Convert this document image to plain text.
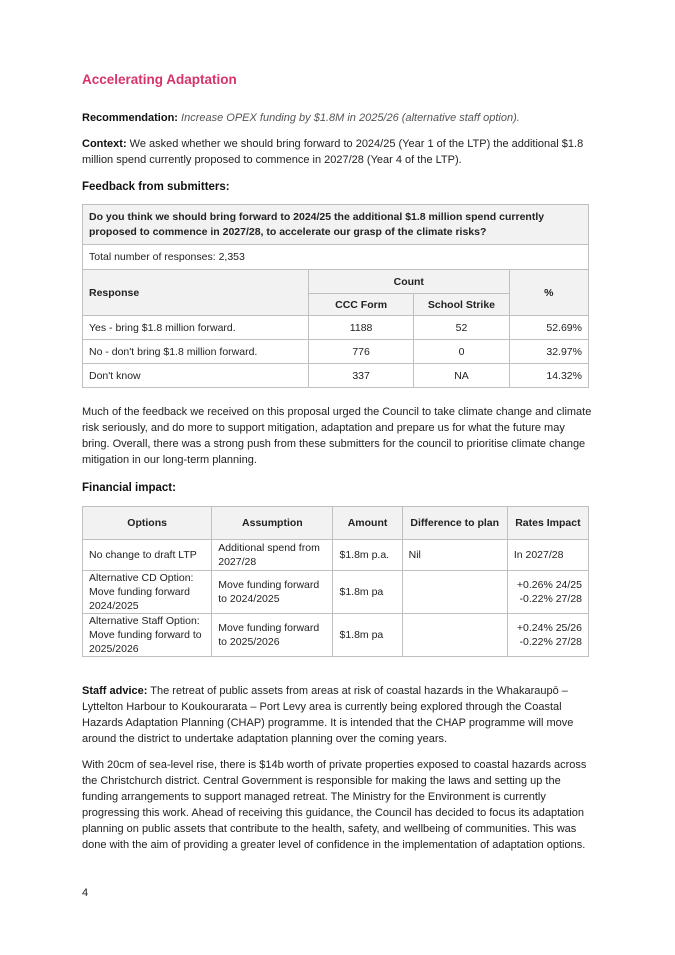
Accelerating Adaptation

Recommendation: Increase OPEX funding by $1.8M in 2025/26 (alternative staff option).

Context: We asked whether we should bring forward to 2024/25 (Year 1 of the LTP) the additional $1.8 million spend currently proposed to commence in 2027/28 (Year 4 of the LTP).

Feedback from submitters:

Do you think we should bring forward to 2024/25 the additional $1.8 million spend currently proposed to commence in 2027/28, to accelerate our grasp of the climate risks?			
Total number of responses: 2,353			
Response	Count		%
	CCC Form	School Strike	
Yes - bring $1.8 million forward.	1188	52	52.69%
No - don't bring $1.8 million forward.	776	0	32.97%
Don't know	337	NA	14.32%

Much of the feedback we received on this proposal urged the Council to take climate change and climate risk seriously, and do more to support mitigation, adaptation and prepare us for what the future may bring. Overall, there was a strong push from these submitters for the council to prioritise climate change mitigation in our long-term planning.

Financial impact:

Options	Assumption	Amount	Difference to plan	Rates Impact
No change to draft LTP	Additional spend from 2027/28	$1.8m p.a.	Nil	In 2027/28
Alternative CD Option: Move funding forward 2024/2025	Move funding forward to 2024/2025	$1.8m pa		+0.26% 24/25
-0.22% 27/28

Alternative Staff Option: Move funding forward to 2025/2026	Move funding forward to 2025/2026	$1.8m pa		+0.24% 25/26
-0.22% 27/28

Staff advice: The retreat of public assets from areas at risk of coastal hazards in the Whakaraupō – Lyttelton Harbour to Koukourarata – Port Levy area is currently being explored through the Coastal Hazards Adaptation Planning (CHAP) programme. It is intended that the CHAP programme will move around the district to undertake adaptation planning over the coming years.

With 20cm of sea-level rise, there is $14b worth of private properties exposed to coastal hazards across the Christchurch district. Central Government is responsible for making the laws and setting up the funding arrangements to support managed retreat. The Ministry for the Environment is currently progressing this work. Ahead of receiving this guidance, the Council has decided to focus its adaptation planning on public assets that contribute to the health, safety, and wellbeing of communities. This was done with the aim of providing a greater level of confidence in the implementation of adaptation options.

4
